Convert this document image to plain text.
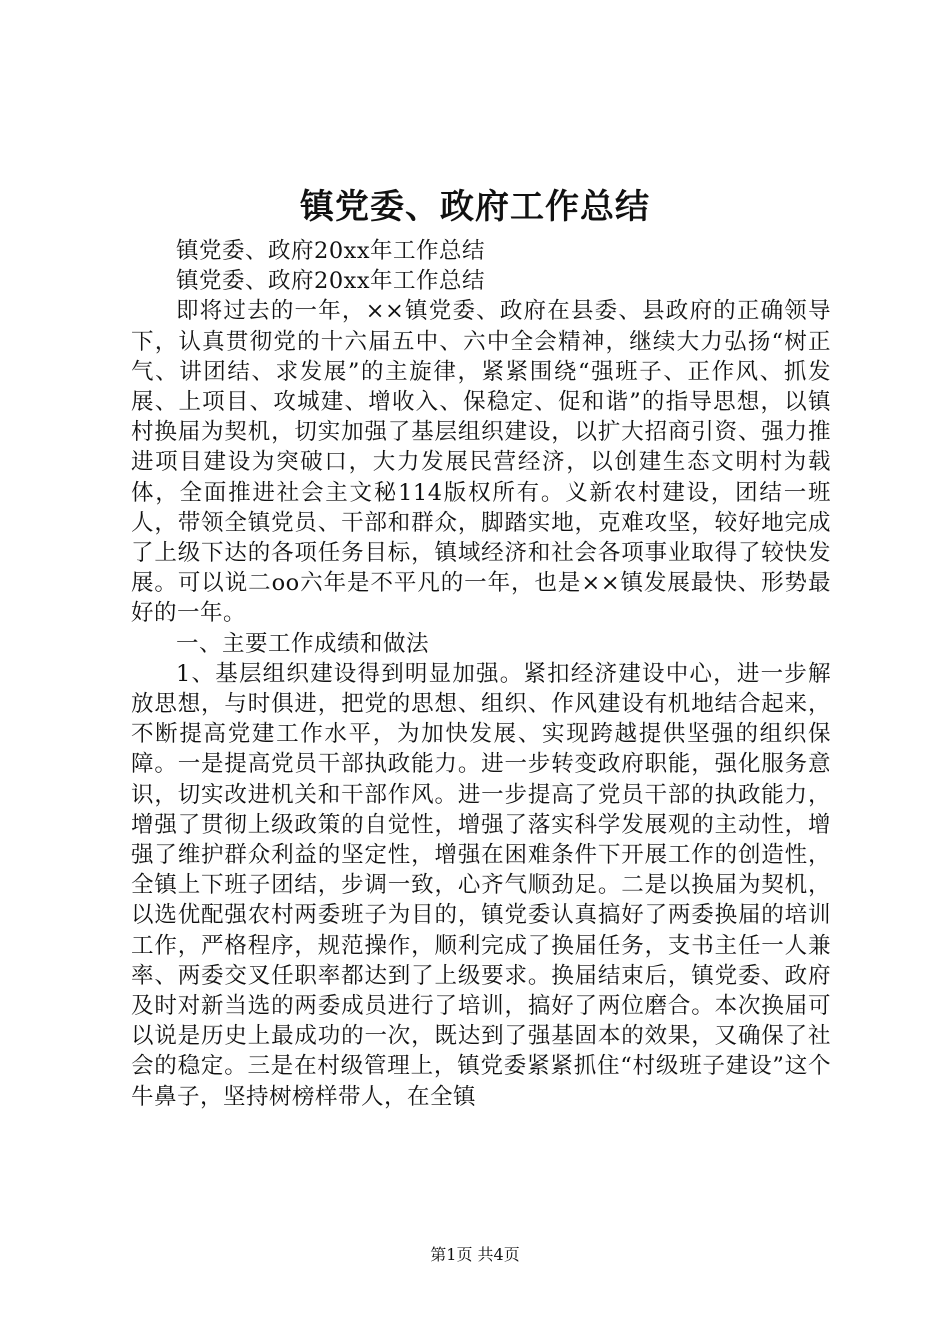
镇党委、政府工作总结

镇党委、政府20xx年工作总结

镇党委、政府20xx年工作总结

即将过去的一年，××镇党委、政府在县委、县政府的正确领导下，认真贯彻党的十六届五中、六中全会精神，继续大力弘扬“树正气、讲团结、求发展”的主旋律，紧紧围绕“强班子、正作风、抓发展、上项目、攻城建、增收入、保稳定、促和谐”的指导思想，以镇村换届为契机，切实加强了基层组织建设，以扩大招商引资、强力推进项目建设为突破口，大力发展民营经济，以创建生态文明村为载体，全面推进社会主文秘114版权所有。义新农村建设，团结一班人，带领全镇党员、干部和群众，脚踏实地，克难攻坚，较好地完成了上级下达的各项任务目标，镇域经济和社会各项事业取得了较快发展。可以说二oo六年是不平凡的一年，也是××镇发展最快、形势最好的一年。

一、主要工作成绩和做法

1、基层组织建设得到明显加强。紧扣经济建设中心，进一步解放思想，与时俱进，把党的思想、组织、作风建设有机地结合起来，不断提高党建工作水平，为加快发展、实现跨越提供坚强的组织保障。一是提高党员干部执政能力。进一步转变政府职能，强化服务意识，切实改进机关和干部作风。进一步提高了党员干部的执政能力，增强了贯彻上级政策的自觉性，增强了落实科学发展观的主动性，增强了维护群众利益的坚定性，增强在困难条件下开展工作的创造性，全镇上下班子团结，步调一致，心齐气顺劲足。二是以换届为契机，以选优配强农村两委班子为目的，镇党委认真搞好了两委换届的培训工作，严格程序，规范操作，顺利完成了换届任务，支书主任一人兼率、两委交叉任职率都达到了上级要求。换届结束后，镇党委、政府及时对新当选的两委成员进行了培训，搞好了两位磨合。本次换届可以说是历史上最成功的一次，既达到了强基固本的效果，又确保了社会的稳定。三是在村级管理上，镇党委紧紧抓住“村级班子建设”这个牛鼻子，坚持树榜样带人，在全镇

第1页 共4页
